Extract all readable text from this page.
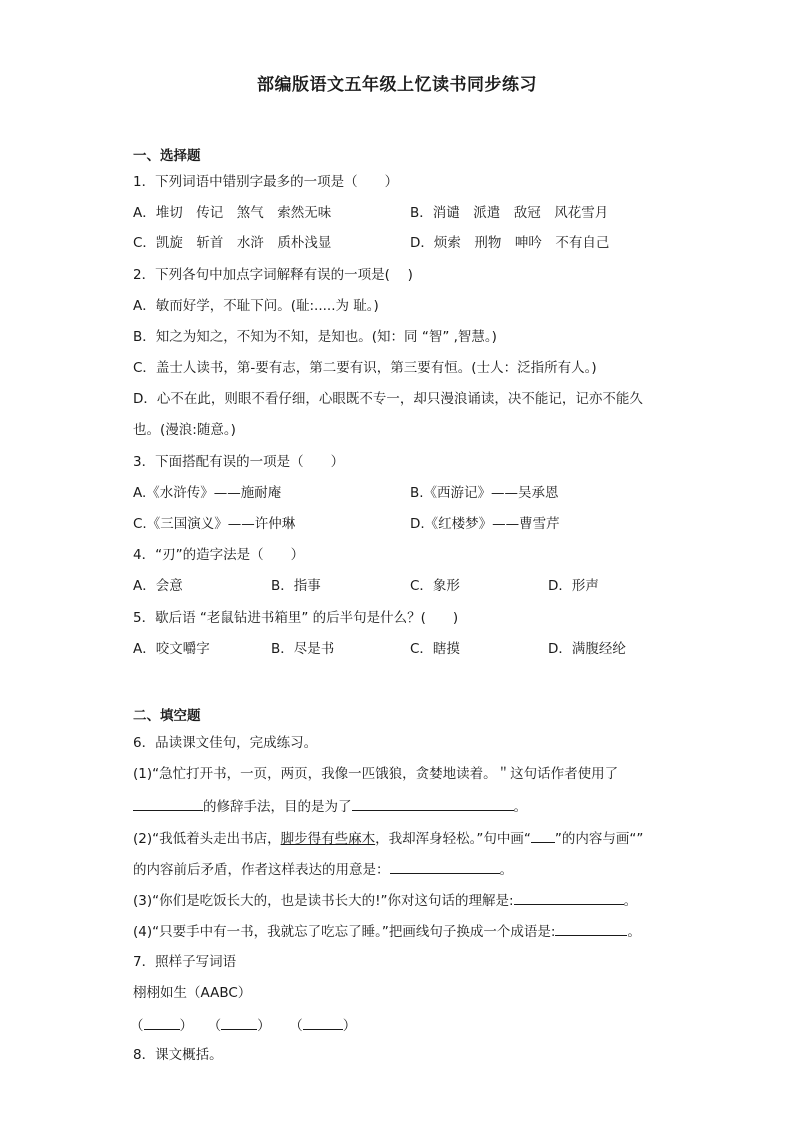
部编版语文五年级上忆读书同步练习
一、选择题
1．下列词语中错别字最多的一项是（　　）
A．堆切　传记　煞气　索然无味	B．消谴　派遣　敌冠　风花雪月
C．凯旋　斩首　水浒　质朴浅显	D．烦索　刑物　呻吟　不有自己
2．下列各句中加点字词解释有误的一项是(　 )
A．敏而好学，不耻下问。(耻:.....为 耻。)
B．知之为知之，不知为不知，是知也。(知：同 “智” ,智慧。)
C．盖士人读书，第-要有志，第二要有识，第三要有恒。(士人：泛指所有人。)
D．心不在此，则眼不看仔细，心眼既不专一，却只漫浪诵读，决不能记，记亦不能久
也。(漫浪:随意。)
3．下面搭配有误的一项是（　　）
A.《水浒传》——施耐庵	B.《西游记》——吴承恩
C.《三国演义》——许仲琳	D.《红楼梦》——曹雪芹
4．“刃”的造字法是（　　）
A．会意	B．指事	C．象形	D．形声
5．歇后语 “老鼠钻进书箱里” 的后半句是什么？(　　)
A．咬文嚼字	B．尽是书	C．瞎摸	D．满腹经纶
二、填空题
6．品读课文佳句，完成练习。
(1)“急忙打开书，一页，两页，我像一匹饿狼，贪婪地读着。＂这句话作者使用了
的修辞手法，目的是为了	。
(2)“我低着头走出书店，脚步得有些麻木，我却浑身轻松。”句中画“ ”的内容与画“”
的内容前后矛盾，作者这样表达的用意是：	。
(3)“你们是吃饭长大的，也是读书长大的!”你对这句话的理解是:	。
(4)“只要手中有一书，我就忘了吃忘了睡。”把画线句子换成一个成语是:	。
7．照样子写词语
栩栩如生（AABC）
（	） （	） （	）
8．课文概括。
